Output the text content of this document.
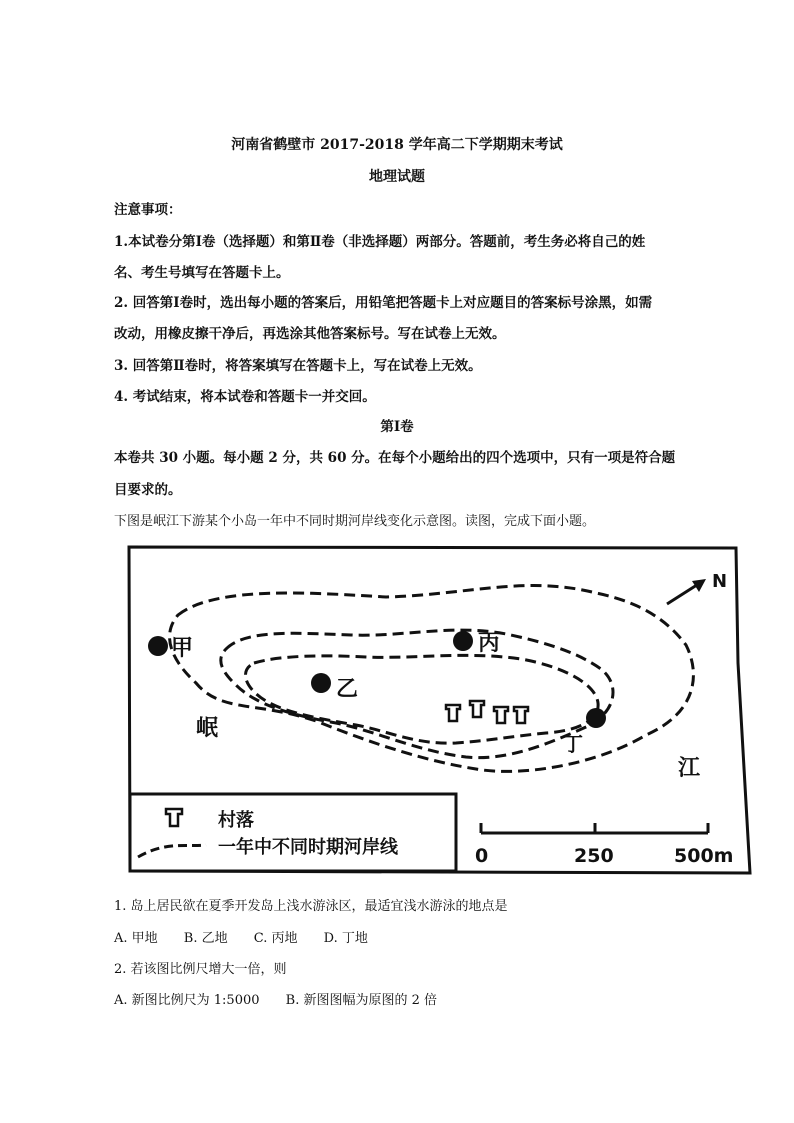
河南省鹤壁市 2017-2018 学年高二下学期期末考试
地理试题
注意事项：
1.本试卷分第Ⅰ卷（选择题）和第Ⅱ卷（非选择题）两部分。答题前，考生务必将自己的姓
名、考生号填写在答题卡上。
2. 回答第Ⅰ卷时，选出每小题的答案后，用铅笔把答题卡上对应题目的答案标号涂黑，如需
改动，用橡皮擦干净后，再选涂其他答案标号。写在试卷上无效。
3. 回答第Ⅱ卷时，将答案填写在答题卡上，写在试卷上无效。
4. 考试结束，将本试卷和答题卡一并交回。
第Ⅰ卷
本卷共 30 小题。每小题 2 分，共 60 分。在每个小题给出的四个选项中，只有一项是符合题
目要求的。
下图是岷江下游某个小岛一年中不同时期河岸线变化示意图。读图，完成下面小题。
N
甲	丙
乙
丁
岷
江
村落
一年中不同时期河岸线	0	250	500m
1. 岛上居民欲在夏季开发岛上浅水游泳区，最适宜浅水游泳的地点是
A. 甲地 B. 乙地 C. 丙地 D. 丁地
2. 若该图比例尺增大一倍，则
A. 新图比例尺为 1:5000 B. 新图图幅为原图的 2 倍
